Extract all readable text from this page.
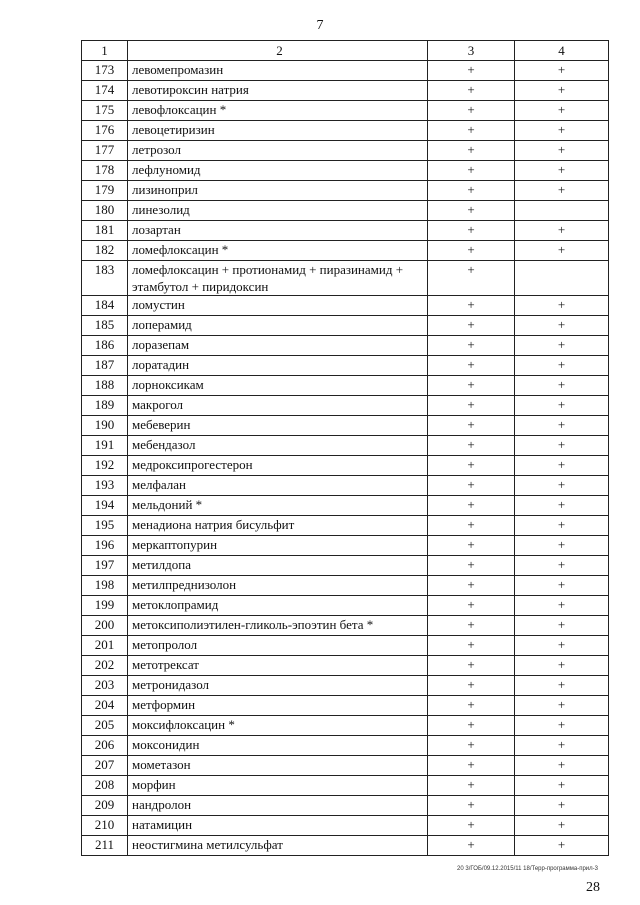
7
1	2	3	4
173	левомепромазин	+	+
174	левотироксин натрия	+	+
175	левофлоксацин *	+	+
176	левоцетиризин	+	+
177	летрозол	+	+
178	лефлуномид	+	+
179	лизиноприл	+	+
180	линезолид	+	
181	лозартан	+	+
182	ломефлоксацин *	+	+
183	ломефлоксацин + протионамид + пиразинамид + этамбутол + пиридоксин	+	
184	ломустин	+	+
185	лоперамид	+	+
186	лоразепам	+	+
187	лоратадин	+	+
188	лорноксикам	+	+
189	макрогол	+	+
190	мебеверин	+	+
191	мебендазол	+	+
192	медроксипрогестерон	+	+
193	мелфалан	+	+
194	мельдоний *	+	+
195	менадиона натрия бисульфит	+	+
196	меркаптопурин	+	+
197	метилдопа	+	+
198	метилпреднизолон	+	+
199	метоклопрамид	+	+
200	метоксиполиэтилен-гликоль-эпоэтин бета *	+	+
201	метопролол	+	+
202	метотрексат	+	+
203	метронидазол	+	+
204	метформин	+	+
205	моксифлоксацин *	+	+
206	моксонидин	+	+
207	мометазон	+	+
208	морфин	+	+
209	нандролон	+	+
210	натамицин	+	+
211	неостигмина метилсульфат	+	+
20 3/ГОБ/09.12.2015/11 18/Терр-программа-прил-3
28
